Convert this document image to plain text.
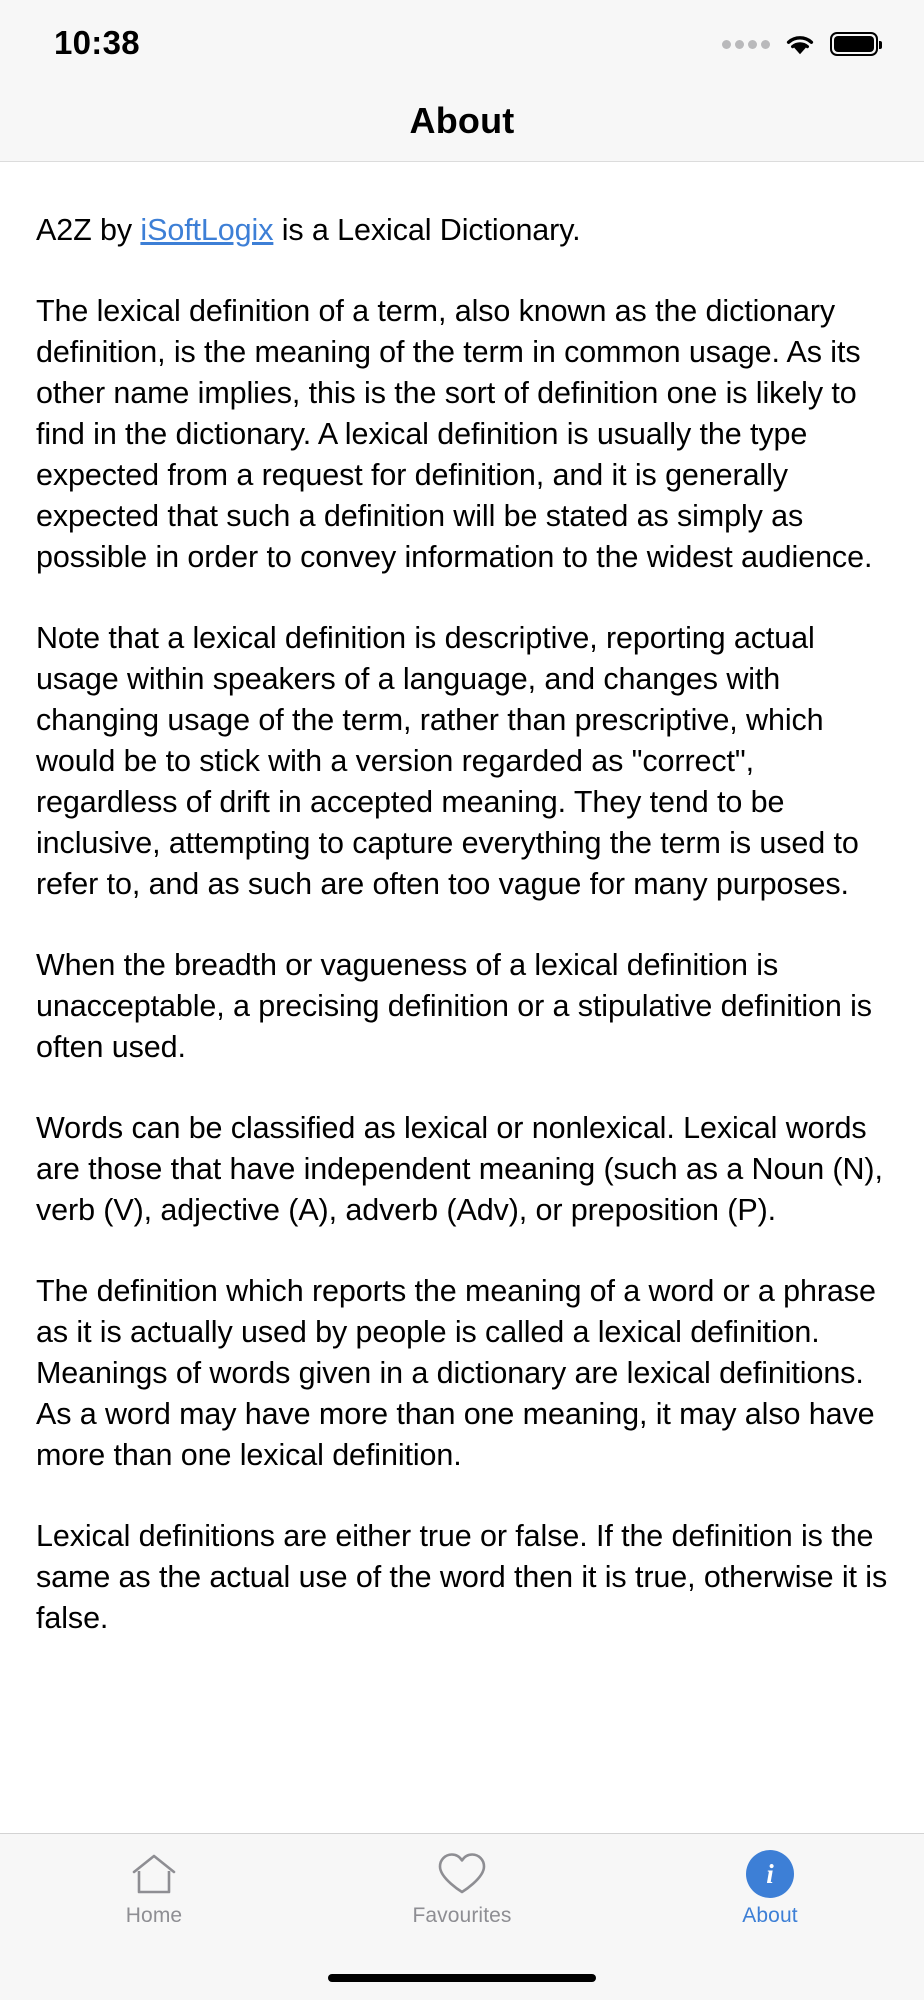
10:38
About

A2Z by iSoftLogix is a Lexical Dictionary.

The lexical definition of a term, also known as the dictionary definition, is the meaning of the term in common usage. As its other name implies, this is the sort of definition one is likely to find in the dictionary. A lexical definition is usually the type expected from a request for definition, and it is generally expected that such a definition will be stated as simply as possible in order to convey information to the widest audience.

Note that a lexical definition is descriptive, reporting actual usage within speakers of a language, and changes with changing usage of the term, rather than prescriptive, which would be to stick with a version regarded as "correct", regardless of drift in accepted meaning. They tend to be inclusive, attempting to capture everything the term is used to refer to, and as such are often too vague for many purposes.

When the breadth or vagueness of a lexical definition is unacceptable, a precising definition or a stipulative definition is often used.

Words can be classified as lexical or nonlexical. Lexical words are those that have independent meaning (such as a Noun (N), verb (V), adjective (A), adverb (Adv), or preposition (P).

The definition which reports the meaning of a word or a phrase as it is actually used by people is called a lexical definition. Meanings of words given in a dictionary are lexical definitions. As a word may have more than one meaning, it may also have more than one lexical definition.

Lexical definitions are either true or false. If the definition is the same as the actual use of the word then it is true, otherwise it is false.

Home	Favourites
i
About
